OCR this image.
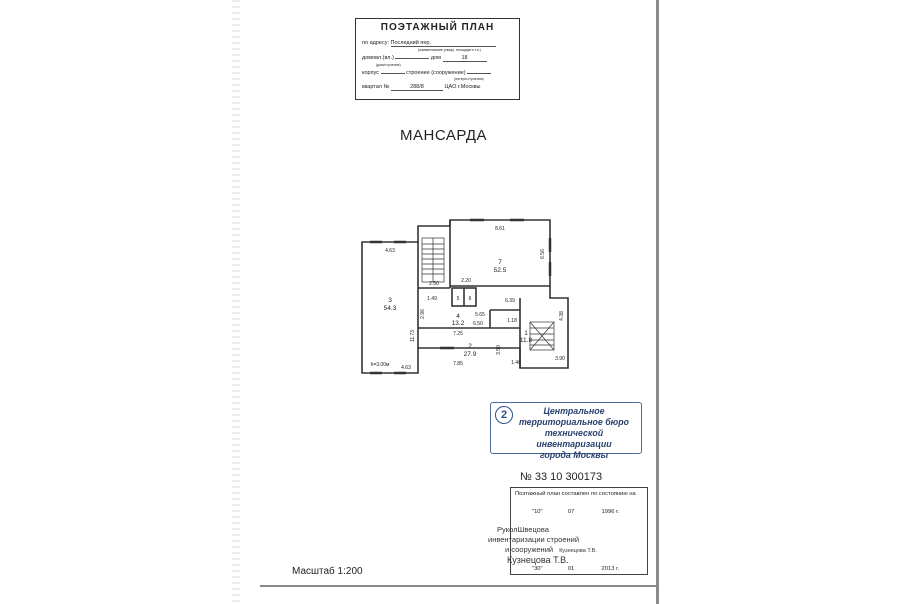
ПОЭТАЖНЫЙ ПЛАН
по адресу: Последний пер.
(наименование улицы, площади и т.п.)
домовл.(вл.)	дом	18
(дом/строение)
корпус	строение (сооружение)
(литера строения)
квартал №	288/8	ЦАО г.Москвы
МАНСАРДА
3
54.3
7
52.5
5 6
4
13.2
2
27.9
1
11.8
4.63
8.61
6.56
2.50	2.20
1.49	6.39
2.96	5.65
6.50
7.25
11.73
1.18
4.38
3.90
3.50
7.85	1.46
4.63
h=3.00м
2	Центральное
территориальное бюро
технической инвентаризации
города Москвы
№ 33 10 300173
Поэтажный план составлен по состоянию на
"10"	07	1996 г.
РуколШвецова
инвентаризации строений
и сооружений Кузнецова Т.В.
Кузнецова Т.В.
"30"	01	2013 г.
Масштаб 1:200
